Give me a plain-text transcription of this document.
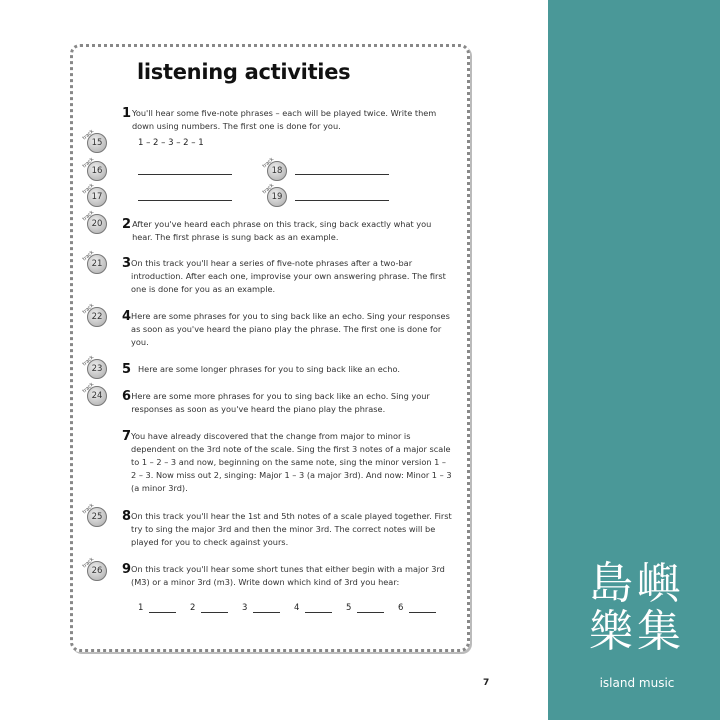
島嶼樂集
island music
listening activities
track
15
track
16
track
17
track
18
track
19
track
20
track
21
track
22
track
23
track
24
track
25
track
26
1 – 2 – 3 – 2 – 1
1 You'll hear some five-note phrases – each will be played twice. Write them down using numbers. The first one is done for you.
2 After you've heard each phrase on this track, sing back exactly what you hear. The first phrase is sung back as an example.
3 On this track you'll hear a series of five-note phrases after a two-bar introduction. After each one, improvise your own answering phrase. The first one is done for you as an example.
4 Here are some phrases for you to sing back like an echo. Sing your responses as soon as you've heard the piano play the phrase. The first one is done for you.
5 Here are some longer phrases for you to sing back like an echo.
6 Here are some more phrases for you to sing back like an echo. Sing your responses as soon as you've heard the piano play the phrase.
7 You have already discovered that the change from major to minor is dependent on the 3rd note of the scale. Sing the first 3 notes of a major scale to 1 – 2 – 3 and now, beginning on the same note, sing the minor version 1 – 2 – 3. Now miss out 2, singing: Major 1 – 3 (a major 3rd). And now: Minor 1 – 3 (a minor 3rd).
8 On this track you'll hear the 1st and 5th notes of a scale played together. First try to sing the major 3rd and then the minor 3rd. The correct notes will be played for you to check against yours.
9 On this track you'll hear some short tunes that either begin with a major 3rd (M3) or a minor 3rd (m3). Write down which kind of 3rd you hear:
1	2	3	4	5	6
7
